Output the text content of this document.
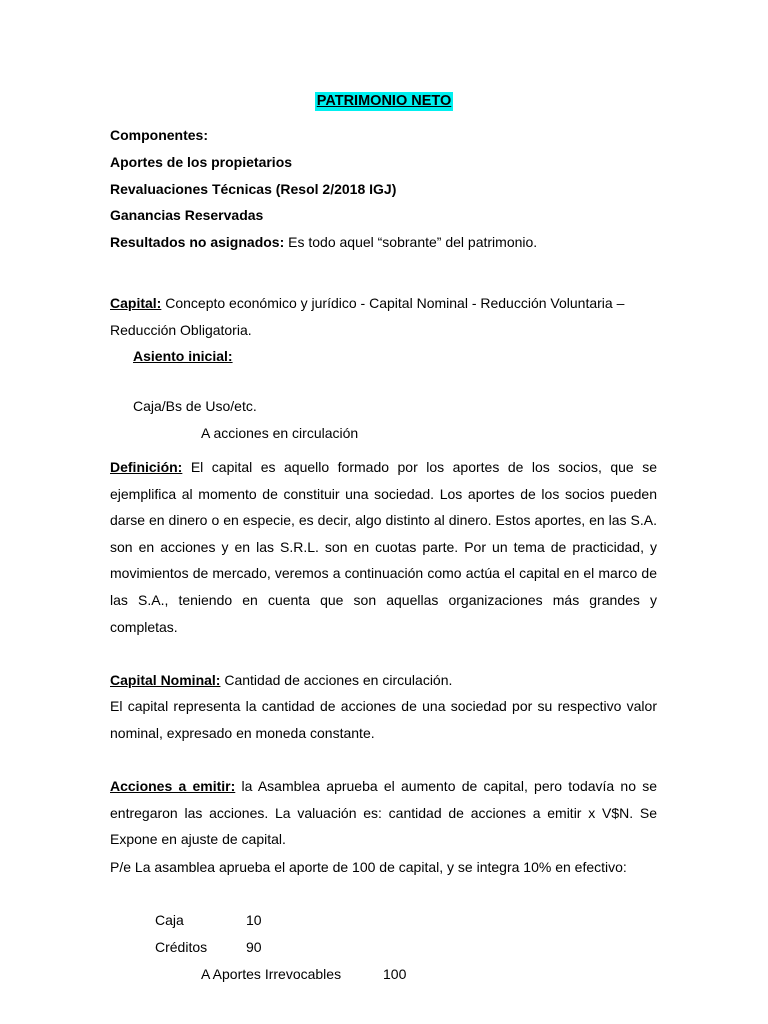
PATRIMONIO NETO
Componentes:
Aportes de los propietarios
Revaluaciones Técnicas (Resol 2/2018 IGJ)
Ganancias Reservadas
Resultados no asignados: Es todo aquel “sobrante” del patrimonio.
Capital: Concepto económico y jurídico - Capital Nominal - Reducción Voluntaria –
Reducción Obligatoria.
Asiento inicial:
Caja/Bs de Uso/etc.
A acciones en circulación
Definición: El capital es aquello formado por los aportes de los socios, que se ejemplifica al momento de constituir una sociedad. Los aportes de los socios pueden darse en dinero o en especie, es decir, algo distinto al dinero. Estos aportes, en las S.A. son en acciones y en las S.R.L. son en cuotas parte. Por un tema de practicidad, y movimientos de mercado, veremos a continuación como actúa el capital en el marco de las S.A., teniendo en cuenta que son aquellas organizaciones más grandes y completas.
Capital Nominal: Cantidad de acciones en circulación.
El capital representa la cantidad de acciones de una sociedad por su respectivo valor nominal, expresado en moneda constante.
Acciones a emitir: la Asamblea aprueba el aumento de capital, pero todavía no se entregaron las acciones. La valuación es: cantidad de acciones a emitir x V$N. Se Expone en ajuste de capital.
P/e La asamblea aprueba el aporte de 100 de capital, y se integra 10% en efectivo:
Caja	10
Créditos	90
A Aportes Irrevocables	100
